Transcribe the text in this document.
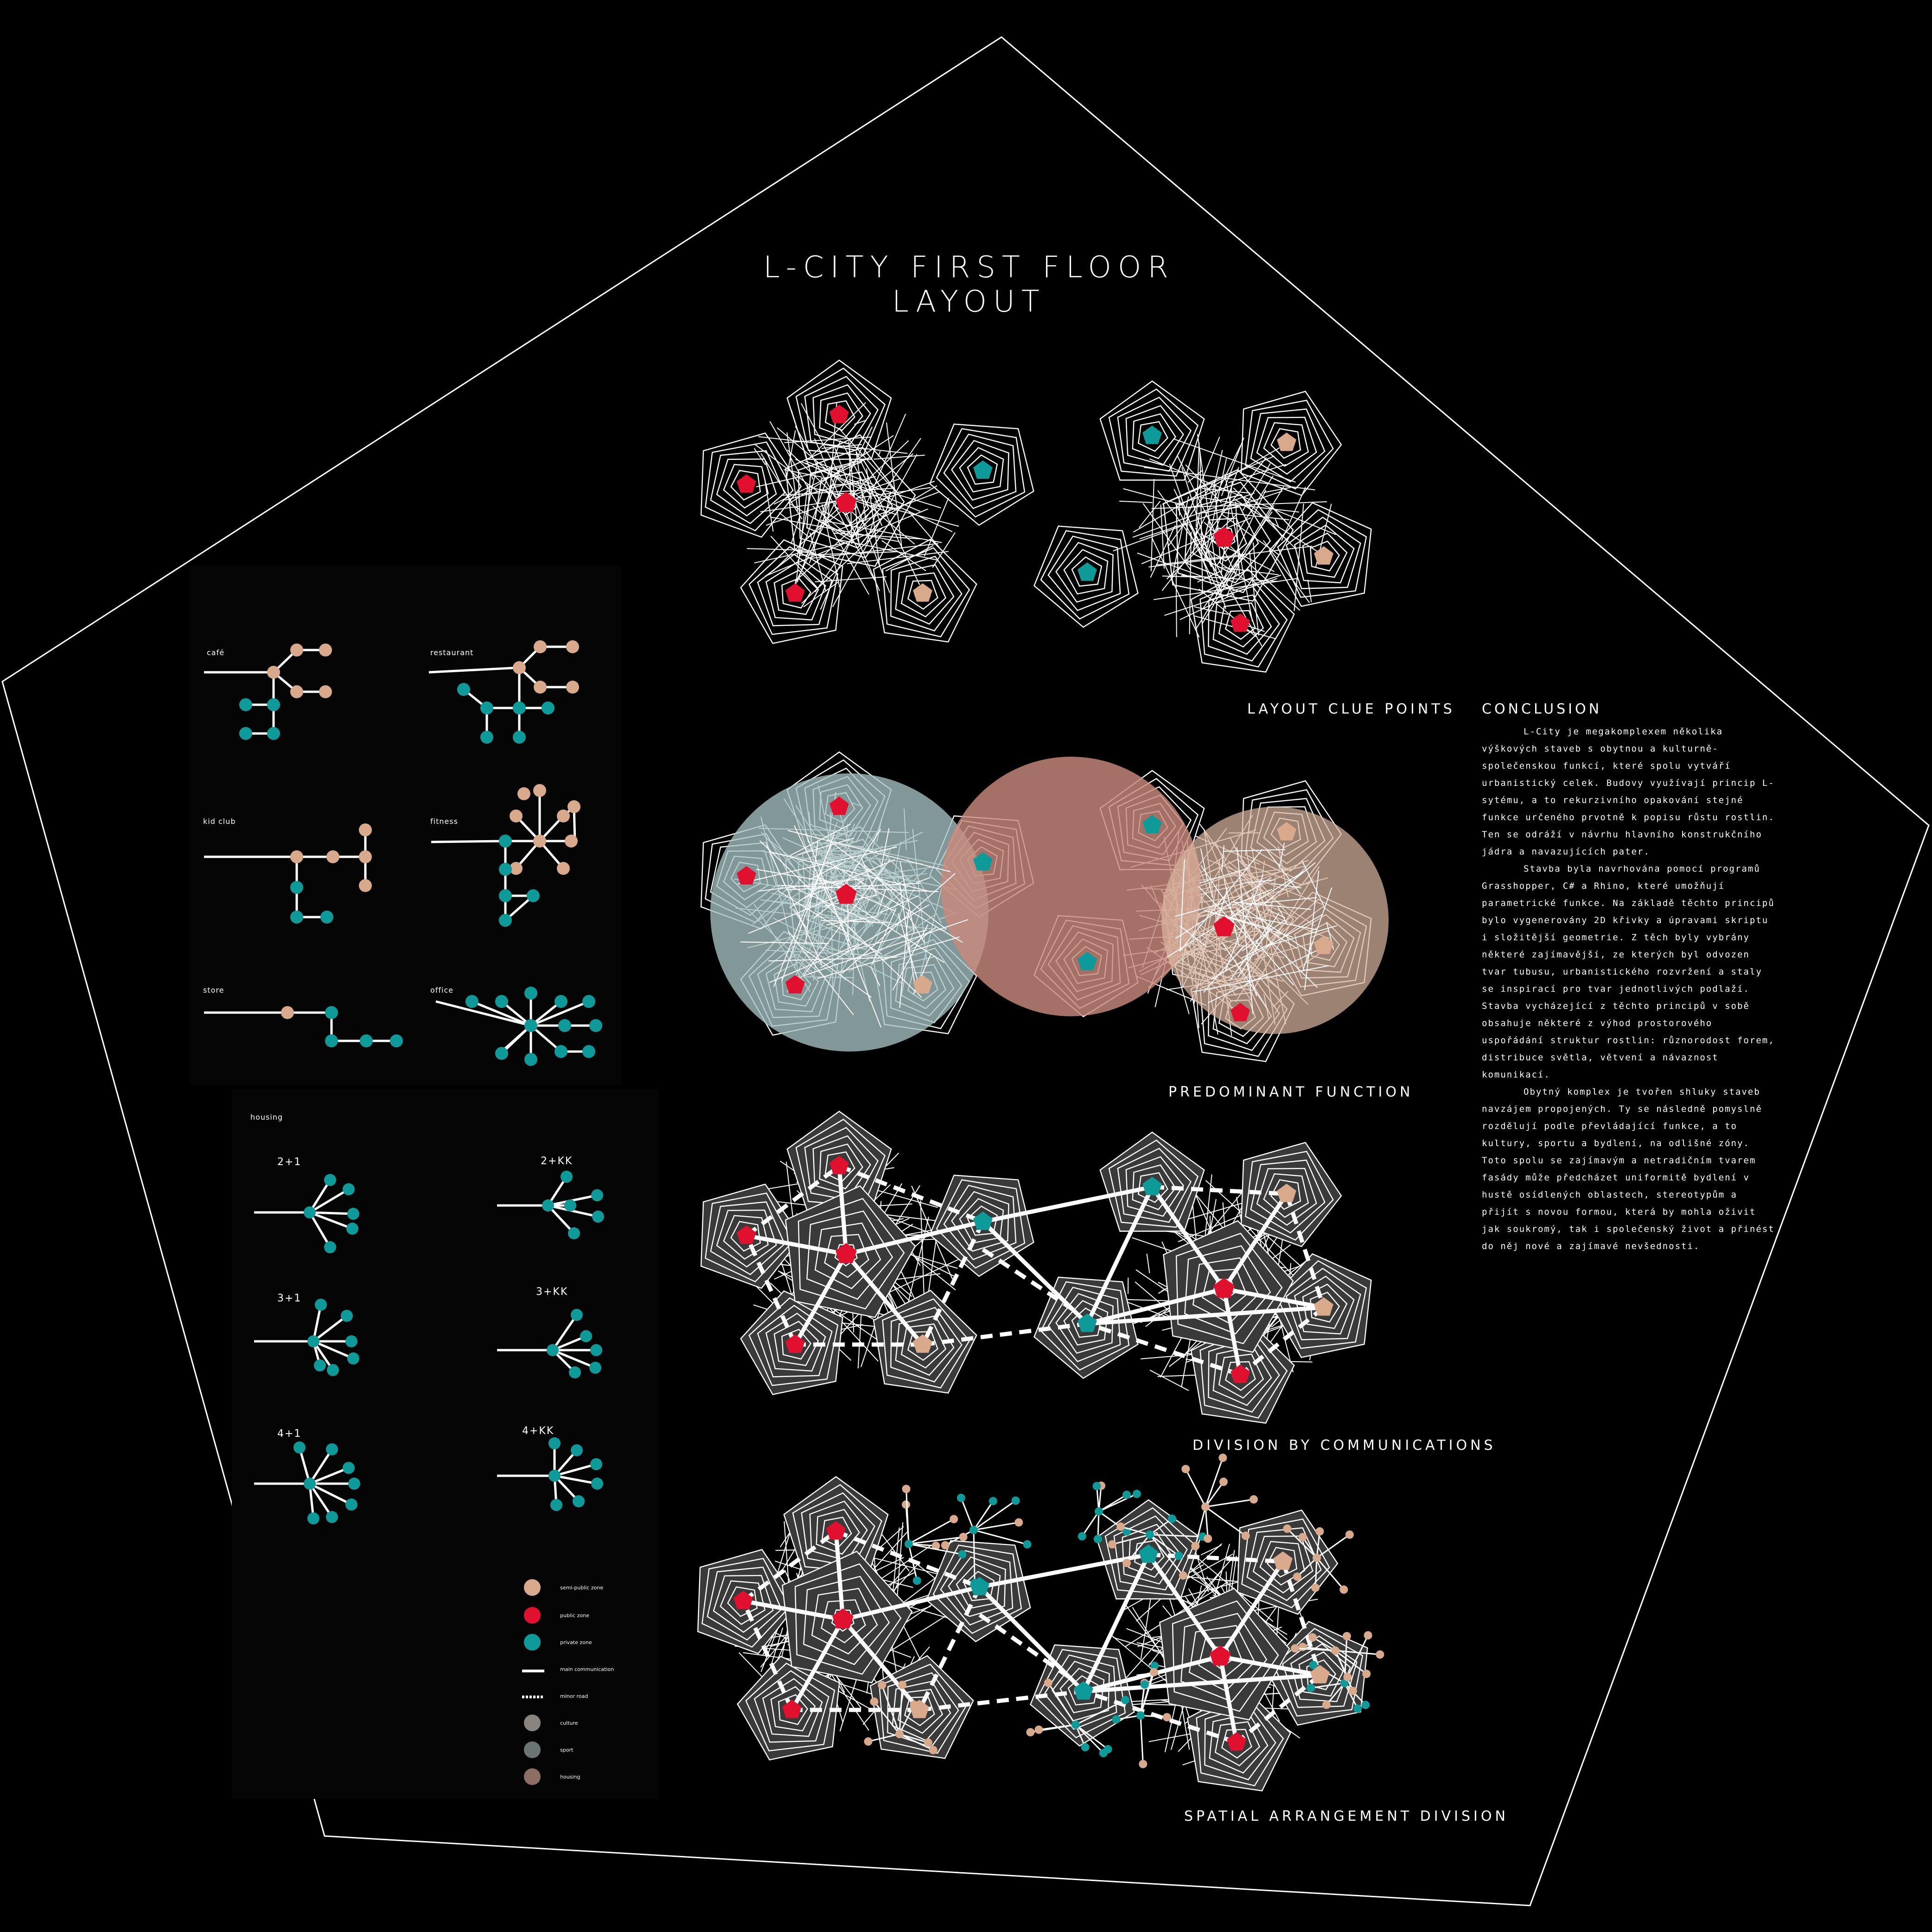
L-CITY FIRST FLOOR LAYOUT
LAYOUT CLUE POINTS
PREDOMINANT FUNCTION
DIVISION BY COMMUNICATIONS
SPATIAL ARRANGEMENT DIVISION
CONCLUSION

L-City je megakomplexem několika výškových staveb s obytnou a kulturně-společenskou funkcí, které spolu vytváří urbanistický celek. Budovy využívají princip L-sytému, a to rekurzivního opakování stejné funkce určeného prvotně k popisu růstu rostlin. Ten se odráží v návrhu hlavního konstrukčního jádra a navazujících pater.

Stavba byla navrhována pomocí programů Grasshopper, C# a Rhino, které umožňují parametrické funkce. Na základě těchto principů bylo vygenerovány 2D křivky a úpravami skriptu i složitější geometrie. Z těch byly vybrány některé zajímavější, ze kterých byl odvozen tvar tubusu, urbanistického rozvržení a staly se inspirací pro tvar jednotlivých podlaží. Stavba vycházející z těchto principů v sobě obsahuje některé z výhod prostorového uspořádání struktur rostlin: různorodost forem, distribuce světla, větvení a návaznost komunikací.

Obytný komplex je tvořen shluky staveb navzájem propojených. Ty se následně pomyslně rozdělují podle převládající funkce, a to kultury, sportu a bydlení, na odlišné zóny. Toto spolu se zajímavým a netradičním tvarem fasády může předcházet uniformitě bydlení v hustě osídlených oblastech, stereotypům a přijít s novou formou, která by mohla oživit jak soukromý, tak i společenský život a přinést do něj nové a zajímavé nevšednosti.

café	restaurant
kid club	fitness
store	office
housing
2+1	2+KK
3+1
3+KK
4+1	4+KK
semi-public zone
public zone
private zone
main communication
minor road
culture
sport
housing
